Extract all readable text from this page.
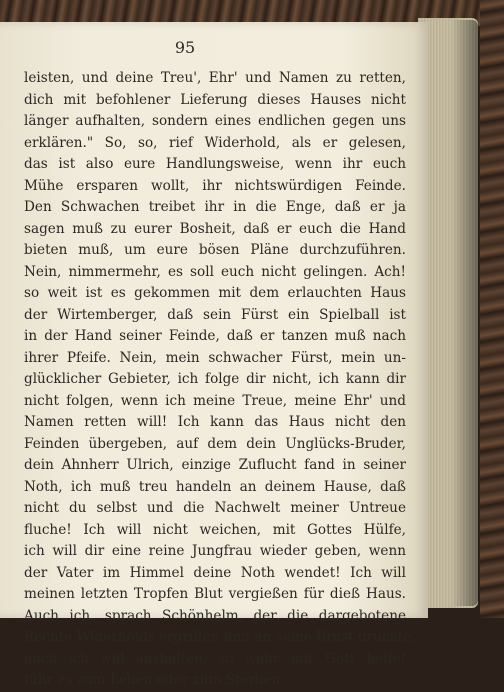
95
leisten, und deine Treu', Ehr' und Namen zu retten,
dich mit befohlener Lieferung dieses Hauses nicht
länger aufhalten, sondern eines endlichen gegen uns
erklären." So, so, rief Widerhold, als er gelesen,
das ist also eure Handlungsweise, wenn ihr euch
Mühe ersparen wollt, ihr nichtswürdigen Feinde.
Den Schwachen treibet ihr in die Enge, daß er ja
sagen muß zu eurer Bosheit, daß er euch die Hand
bieten muß, um eure bösen Pläne durchzuführen.
Nein, nimmermehr, es soll euch nicht gelingen. Ach!
so weit ist es gekommen mit dem erlauchten Haus
der Wirtemberger, daß sein Fürst ein Spielball ist
in der Hand seiner Feinde, daß er tanzen muß nach
ihrer Pfeife. Nein, mein schwacher Fürst, mein un-
glücklicher Gebieter, ich folge dir nicht, ich kann dir
nicht folgen, wenn ich meine Treue, meine Ehr' und
Namen retten will! Ich kann das Haus nicht den
Feinden übergeben, auf dem dein Unglücks-Bruder,
dein Ahnherr Ulrich, einzige Zuflucht fand in seiner
Noth, ich muß treu handeln an deinem Hause, daß
nicht du selbst und die Nachwelt meiner Untreue
fluche! Ich will nicht weichen, mit Gottes Hülfe,
ich will dir eine reine Jungfrau wieder geben, wenn
der Vater im Himmel deine Noth wendet! Ich will
meinen letzten Tropfen Blut vergießen für dieß Haus.
Auch ich, sprach Schönhelm, der die dargebotene
Rechte Widerholds ergriffen und an seine Brust drückte,
auch ich will aushalten, so wahr mir Gott helfe!
führ es zum Leben oder zum Sterben.
